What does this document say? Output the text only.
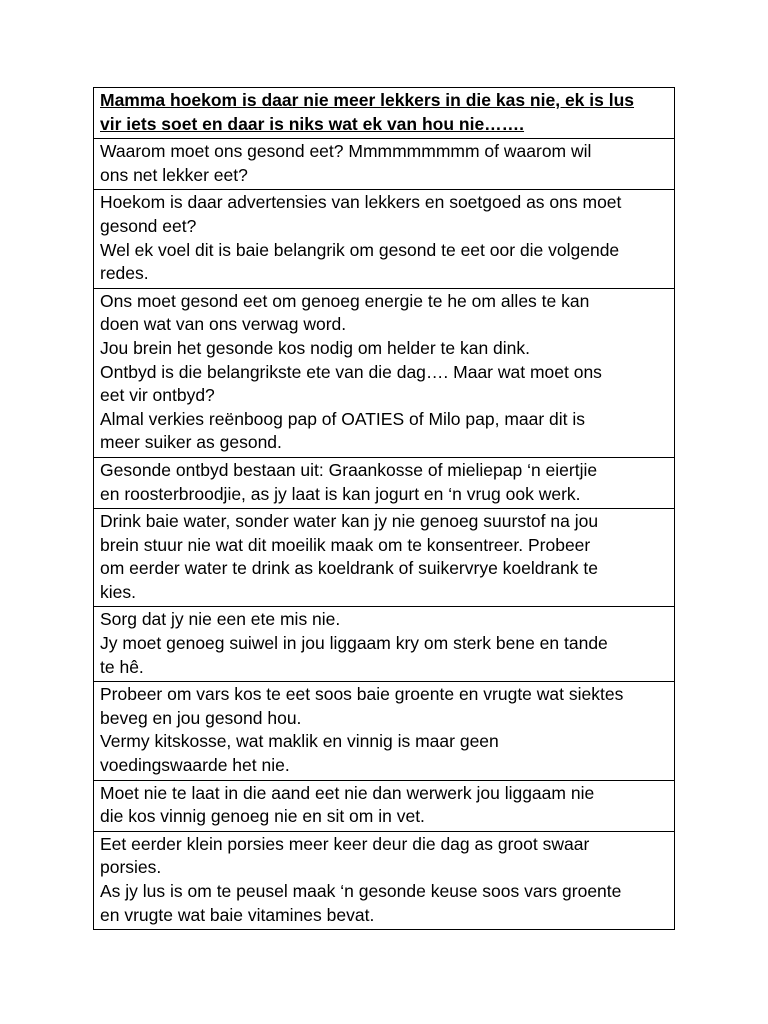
Mamma hoekom is daar nie meer lekkers in die kas nie, ek is lus
vir iets soet en daar is niks wat ek van hou nie…….

Waarom moet ons gesond eet? Mmmmmmmmm of waarom wil
ons net lekker eet?

Hoekom is daar advertensies van lekkers en soetgoed as ons moet
gesond eet?
Wel ek voel dit is baie belangrik om gesond te eet oor die volgende
redes.

Ons moet gesond eet om genoeg energie te he om alles te kan
doen wat van ons verwag word.
Jou brein het gesonde kos nodig om helder te kan dink.
Ontbyd is die belangrikste ete van die dag…. Maar wat moet ons
eet vir ontbyd?
Almal verkies reënboog pap of OATIES of Milo pap, maar dit is
meer suiker as gesond.

Gesonde ontbyd bestaan uit: Graankosse of mieliepap ‘n eiertjie
en roosterbroodjie, as jy laat is kan jogurt en ‘n vrug ook werk.

Drink baie water, sonder water kan jy nie genoeg suurstof na jou
brein stuur nie wat dit moeilik maak om te konsentreer. Probeer
om eerder water te drink as koeldrank of suikervrye koeldrank te
kies.

Sorg dat jy nie een ete mis nie.
Jy moet genoeg suiwel in jou liggaam kry om sterk bene en tande
te hê.

Probeer om vars kos te eet soos baie groente en vrugte wat siektes
beveg en jou gesond hou.
Vermy kitskosse, wat maklik en vinnig is maar geen
voedingswaarde het nie.

Moet nie te laat in die aand eet nie dan werwerk jou liggaam nie
die kos vinnig genoeg nie en sit om in vet.

Eet eerder klein porsies meer keer deur die dag as groot swaar
porsies.
As jy lus is om te peusel maak ‘n gesonde keuse soos vars groente
en vrugte wat baie vitamines bevat.
